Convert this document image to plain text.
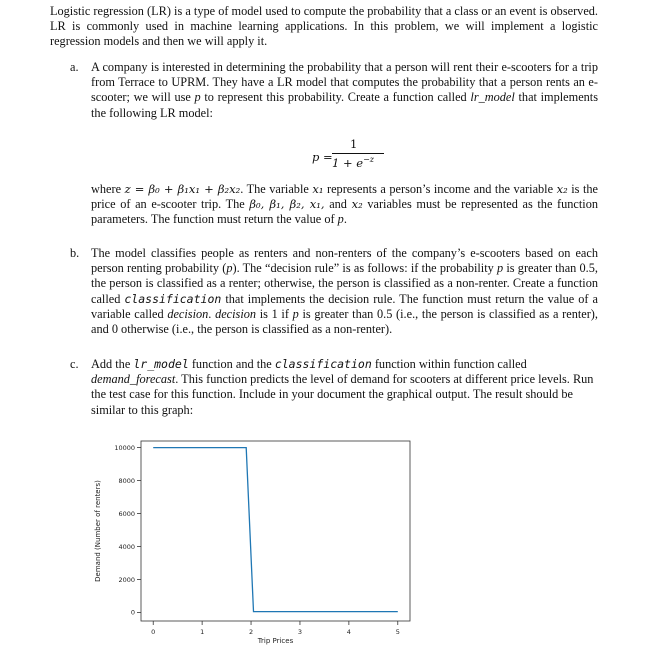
Logistic regression (LR) is a type of model used to compute the probability that a class or an event is observed. LR is commonly used in machine learning applications. In this problem, we will implement a logistic regression models and then we will apply it.

a. A company is interested in determining the probability that a person will rent their e-scooters for a trip from Terrace to UPRM. They have a LR model that computes the probability that a person rents an e-scooter; we will use p to represent this probability. Create a function called lr_model that implements the following LR model:
p =
1
$1 + e^{-z}$
where z = β₀ + β₁x₁ + β₂x₂. The variable x₁ represents a person’s income and the variable x₂ is the price of an e-scooter trip. The β₀, β₁, β₂, x₁, and x₂ variables must be represented as the function parameters. The function must return the value of p.
b. The model classifies people as renters and non-renters of the company’s e-scooters based on each person renting probability (p). The “decision rule” is as follows: if the probability p is greater than 0.5, the person is classified as a renter; otherwise, the person is classified as a non-renter. Create a function called classification that implements the decision rule. The function must return the value of a variable called decision. decision is 1 if p is greater than 0.5 (i.e., the person is classified as a renter), and 0 otherwise (i.e., the person is classified as a non-renter).
c. Add the lr_model function and the classification function within function called demand_forecast. This function predicts the level of demand for scooters at different price levels. Run the test case for this function. Include in your document the graphical output. The result should be similar to this graph:
0	1	2	3	4	5
0
2000
4000
6000
8000
10000
Trip Prices
Demand (Number of renters)
